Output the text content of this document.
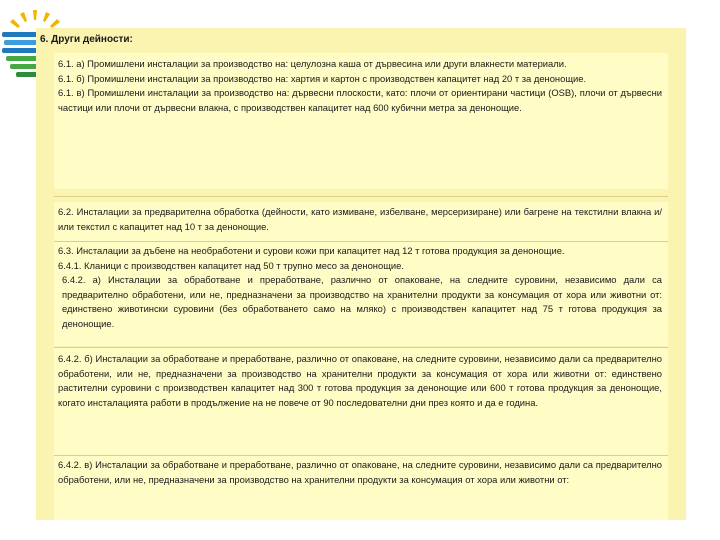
6. Други дейности:

6.1. а) Промишлени инсталации за производство на: целулозна каша от дървесина или други влакнести материали.

6.1. б) Промишлени инсталации за производство на: хартия и картон с производствен капацитет над 20 т за денонощие.

6.1. в) Промишлени инсталации за производство на: дървесни плоскости, като: плочи от ориентирани частици (OSB), плочи от дървесни частици или плочи от дървесни влакна, с производствен капацитет над 600 кубични метра за денонощие.

6.2. Инсталации за предварителна обработка (дейности, като измиване, избелване, мерсеризиране) или багрене на текстилни влакна и/или текстил с капацитет над 10 т за денонощие.

6.3. Инсталации за дъбене на необработени и сурови кожи при капацитет над 12 т готова продукция за денонощие.

6.4.1. Кланици с производствен капацитет над 50 т трупно месо за денонощие.

6.4.2. а) Инсталации за обработване и преработване, различно от опаковане, на следните суровини, независимо дали са предварително обработени, или не, предназначени за производство на хранителни продукти за консумация от хора или животни от: единствено животински суровини (без обработването само на мляко) с производствен капацитет над 75 т готова продукция за денонощие.

6.4.2. б) Инсталации за обработване и преработване, различно от опаковане, на следните суровини, независимо дали са предварително обработени, или не, предназначени за производство на хранителни продукти за консумация от хора или животни от: единствено растителни суровини с производствен капацитет над 300 т готова продукция за денонощие или 600 т готова продукция за денонощие, когато инсталацията работи в продължение на не повече от 90 последователни дни през която и да е година.

6.4.2. в) Инсталации за обработване и преработване, различно от опаковане, на следните суровини, независимо дали са предварително обработени, или не, предназначени за производство на хранителни продукти за консумация от хора или животни от:
